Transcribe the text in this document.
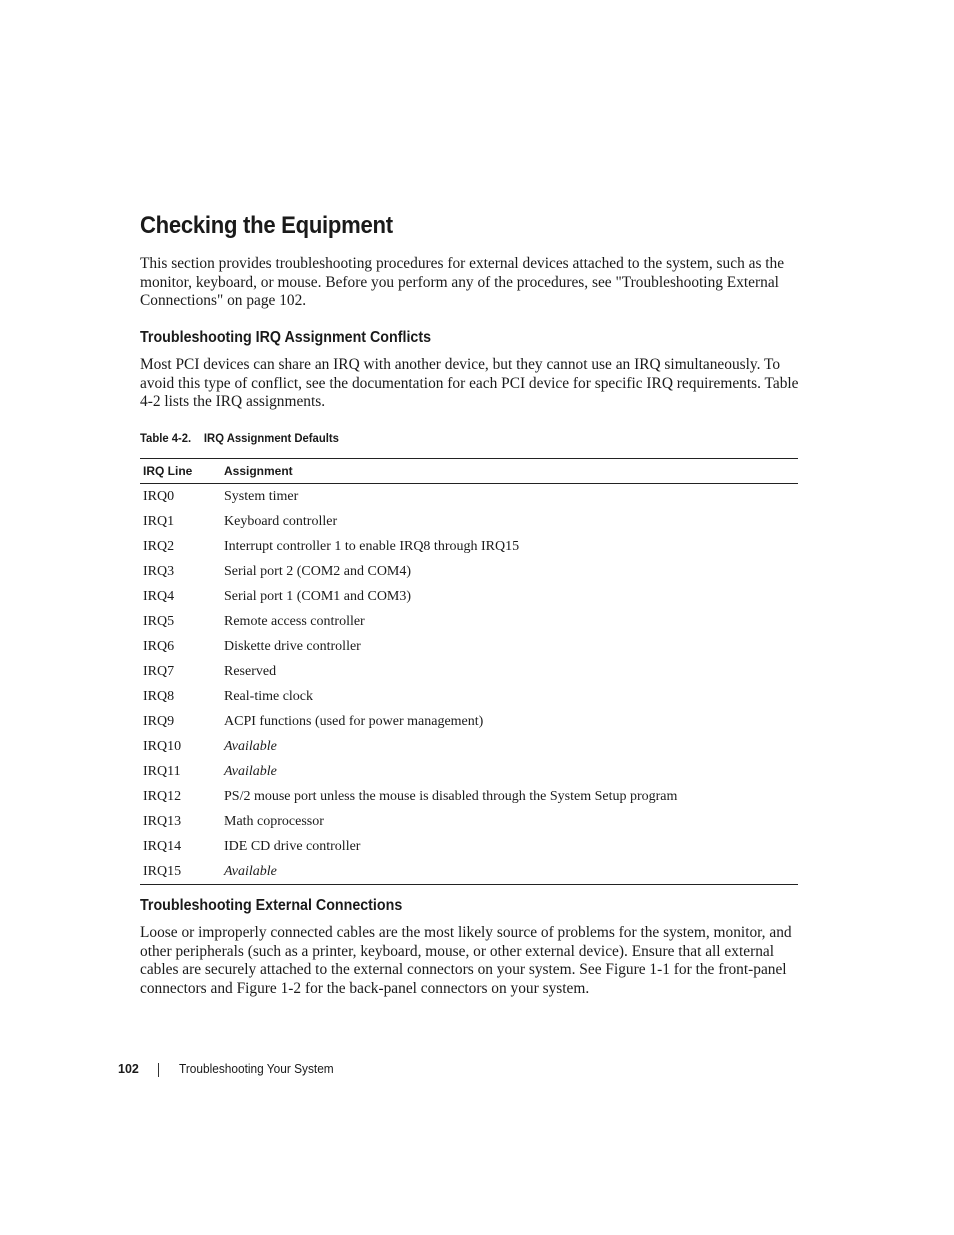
Checking the Equipment

This section provides troubleshooting procedures for external devices attached to the system, such as the monitor, keyboard, or mouse. Before you perform any of the procedures, see "Troubleshooting External Connections" on page 102.

Troubleshooting IRQ Assignment Conflicts

Most PCI devices can share an IRQ with another device, but they cannot use an IRQ simultaneously. To avoid this type of conflict, see the documentation for each PCI device for specific IRQ requirements. Table 4-2 lists the IRQ assignments.

Table 4-2. IRQ Assignment Defaults
IRQ Line	Assignment
IRQ0	System timer
IRQ1	Keyboard controller
IRQ2	Interrupt controller 1 to enable IRQ8 through IRQ15
IRQ3	Serial port 2 (COM2 and COM4)
IRQ4	Serial port 1 (COM1 and COM3)
IRQ5	Remote access controller
IRQ6	Diskette drive controller
IRQ7	Reserved
IRQ8	Real-time clock
IRQ9	ACPI functions (used for power management)
IRQ10	Available
IRQ11	Available
IRQ12	PS/2 mouse port unless the mouse is disabled through the System Setup program
IRQ13	Math coprocessor
IRQ14	IDE CD drive controller
IRQ15	Available
Troubleshooting External Connections

Loose or improperly connected cables are the most likely source of problems for the system, monitor, and other peripherals (such as a printer, keyboard, mouse, or other external device). Ensure that all external cables are securely attached to the external connectors on your system. See Figure 1-1 for the front-panel connectors and Figure 1-2 for the back-panel connectors on your system.

102	Troubleshooting Your System
